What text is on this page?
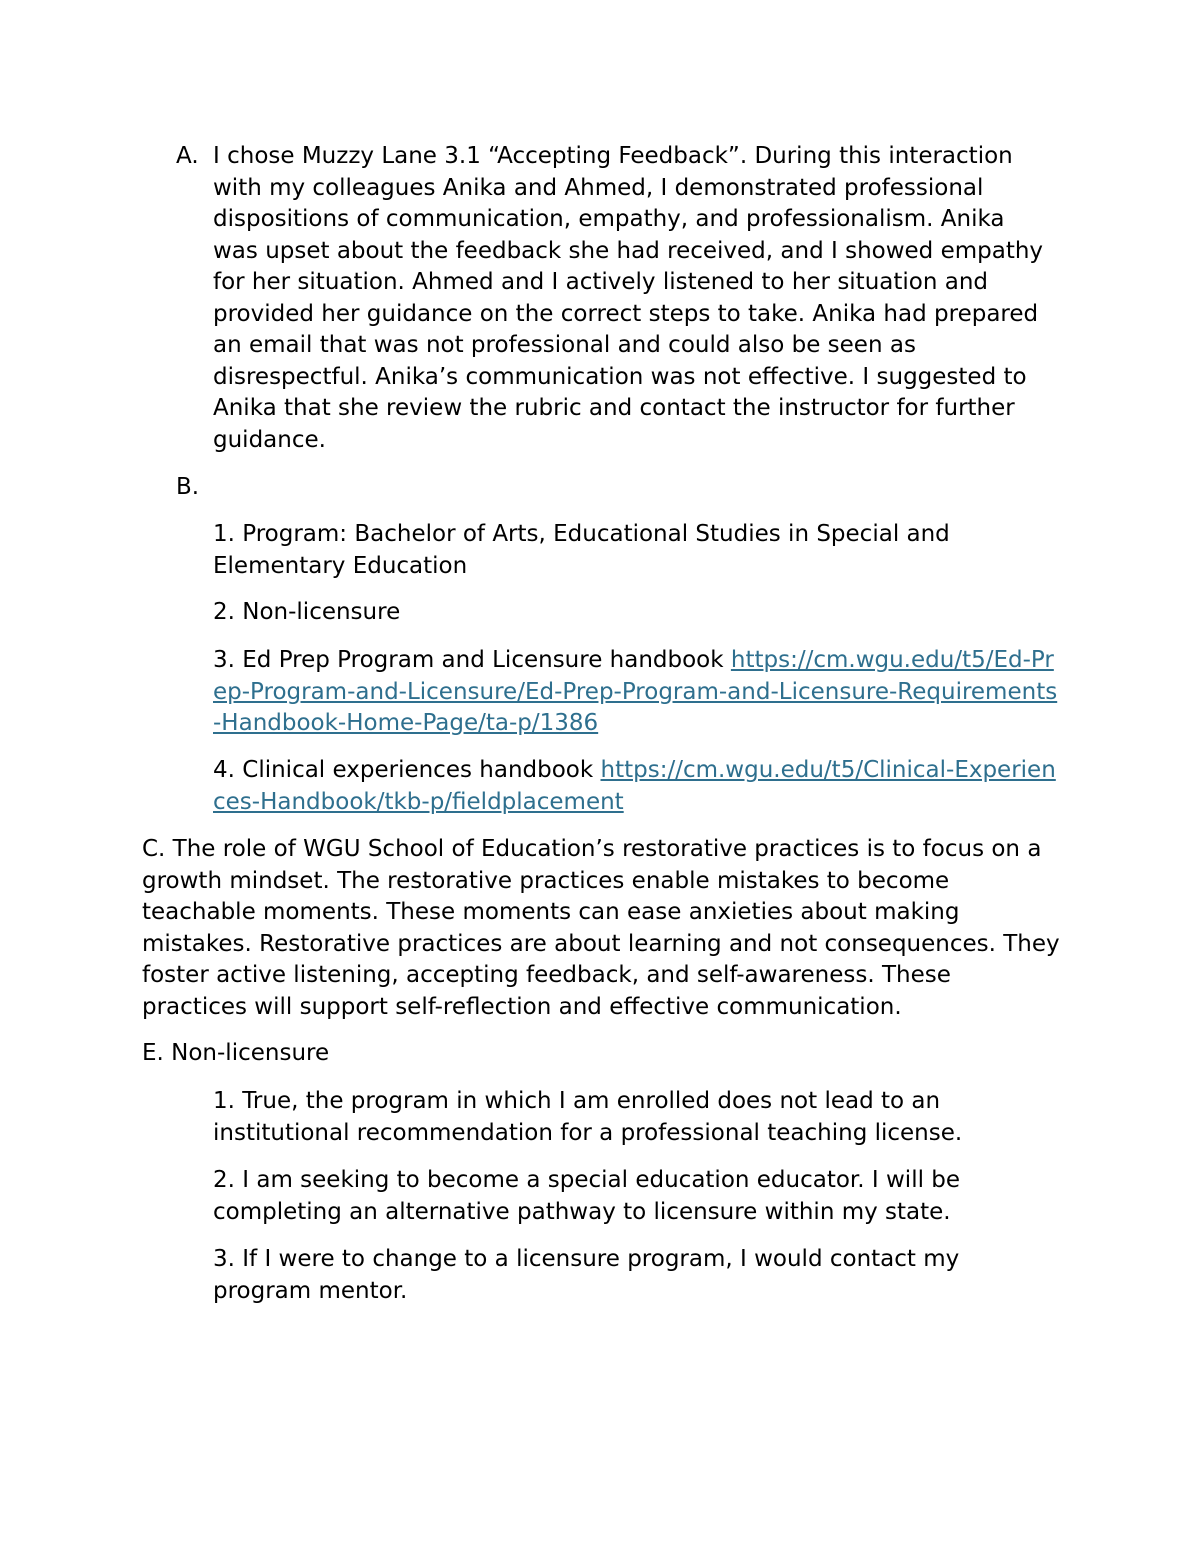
A. I chose Muzzy Lane 3.1 “Accepting Feedback”. During this interaction with my colleagues Anika and Ahmed, I demonstrated professional dispositions of communication, empathy, and professionalism. Anika was upset about the feedback she had received, and I showed empathy for her situation. Ahmed and I actively listened to her situation and provided her guidance on the correct steps to take. Anika had prepared an email that was not professional and could also be seen as disrespectful. Anika’s communication was not effective. I suggested to Anika that she review the rubric and contact the instructor for further guidance.

B.

1. Program: Bachelor of Arts, Educational Studies in Special and Elementary Education

2. Non-licensure

3. Ed Prep Program and Licensure handbook https://cm.wgu.edu/t5/Ed-Prep-Program-and-Licensure/Ed-Prep-Program-and-Licensure-Requirements-Handbook-Home-Page/ta-p/1386

4. Clinical experiences handbook https://cm.wgu.edu/t5/Clinical-Experiences-Handbook/tkb-p/fieldplacement

C. The role of WGU School of Education’s restorative practices is to focus on a growth mindset. The restorative practices enable mistakes to become teachable moments. These moments can ease anxieties about making mistakes. Restorative practices are about learning and not consequences. They foster active listening, accepting feedback, and self-awareness. These practices will support self-reflection and effective communication.

E. Non-licensure

1. True, the program in which I am enrolled does not lead to an institutional recommendation for a professional teaching license.

2. I am seeking to become a special education educator. I will be completing an alternative pathway to licensure within my state.

3. If I were to change to a licensure program, I would contact my program mentor.
